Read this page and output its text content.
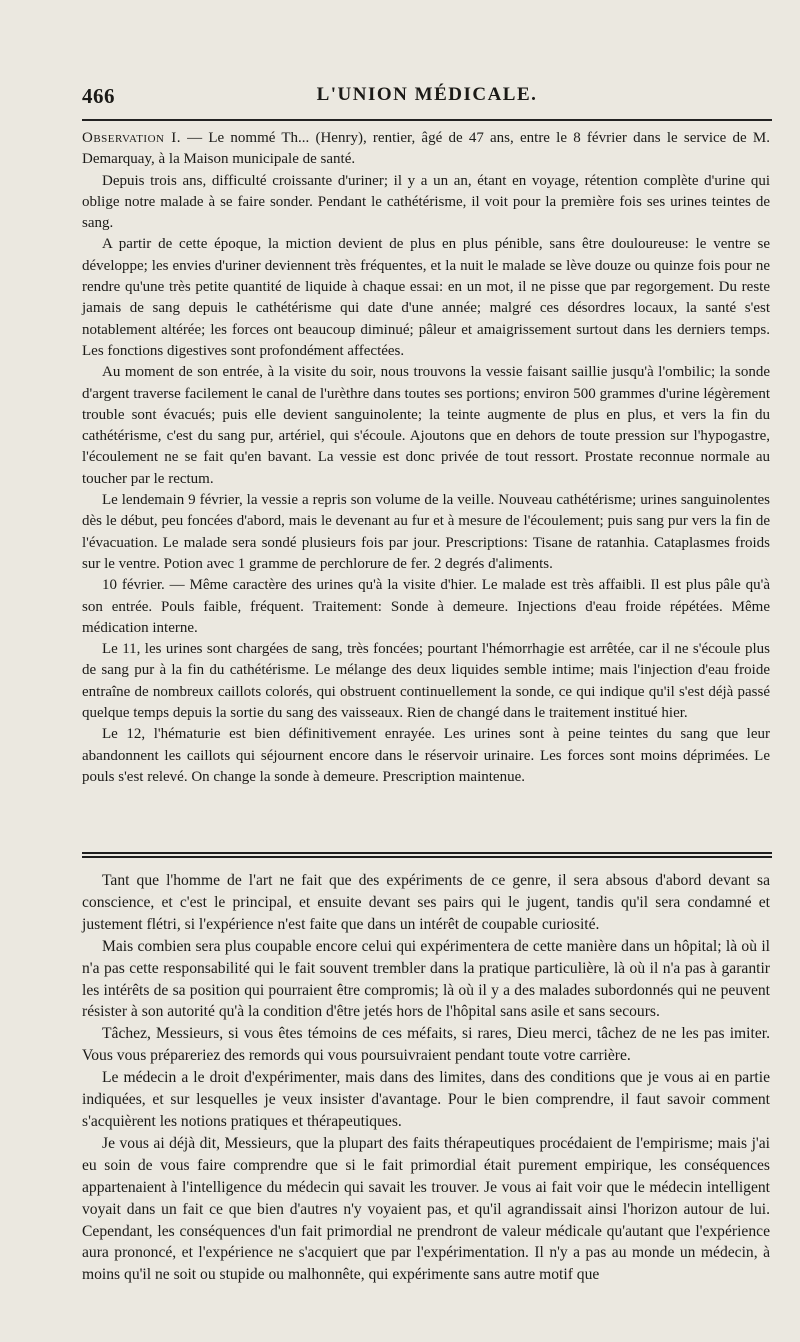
466	L'UNION MÉDICALE.

Observation I. — Le nommé Th... (Henry), rentier, âgé de 47 ans, entre le 8 février dans le service de M. Demarquay, à la Maison municipale de santé.

Depuis trois ans, difficulté croissante d'uriner; il y a un an, étant en voyage, rétention complète d'urine qui oblige notre malade à se faire sonder. Pendant le cathétérisme, il voit pour la première fois ses urines teintes de sang.

A partir de cette époque, la miction devient de plus en plus pénible, sans être douloureuse: le ventre se développe; les envies d'uriner deviennent très fréquentes, et la nuit le malade se lève douze ou quinze fois pour ne rendre qu'une très petite quantité de liquide à chaque essai: en un mot, il ne pisse que par regorgement. Du reste jamais de sang depuis le cathétérisme qui date d'une année; malgré ces désordres locaux, la santé s'est notablement altérée; les forces ont beaucoup diminué; pâleur et amaigrissement surtout dans les derniers temps. Les fonctions digestives sont profondément affectées.

Au moment de son entrée, à la visite du soir, nous trouvons la vessie faisant saillie jusqu'à l'ombilic; la sonde d'argent traverse facilement le canal de l'urèthre dans toutes ses portions; environ 500 grammes d'urine légèrement trouble sont évacués; puis elle devient sanguinolente; la teinte augmente de plus en plus, et vers la fin du cathétérisme, c'est du sang pur, artériel, qui s'écoule. Ajoutons que en dehors de toute pression sur l'hypogastre, l'écoulement ne se fait qu'en bavant. La vessie est donc privée de tout ressort. Prostate reconnue normale au toucher par le rectum.

Le lendemain 9 février, la vessie a repris son volume de la veille. Nouveau cathétérisme; urines sanguinolentes dès le début, peu foncées d'abord, mais le devenant au fur et à mesure de l'écoulement; puis sang pur vers la fin de l'évacuation. Le malade sera sondé plusieurs fois par jour. Prescriptions: Tisane de ratanhia. Cataplasmes froids sur le ventre. Potion avec 1 gramme de perchlorure de fer. 2 degrés d'aliments.

10 février. — Même caractère des urines qu'à la visite d'hier. Le malade est très affaibli. Il est plus pâle qu'à son entrée. Pouls faible, fréquent. Traitement: Sonde à demeure. Injections d'eau froide répétées. Même médication interne.

Le 11, les urines sont chargées de sang, très foncées; pourtant l'hémorrhagie est arrêtée, car il ne s'écoule plus de sang pur à la fin du cathétérisme. Le mélange des deux liquides semble intime; mais l'injection d'eau froide entraîne de nombreux caillots colorés, qui obstruent continuellement la sonde, ce qui indique qu'il s'est déjà passé quelque temps depuis la sortie du sang des vaisseaux. Rien de changé dans le traitement institué hier.

Le 12, l'hématurie est bien définitivement enrayée. Les urines sont à peine teintes du sang que leur abandonnent les caillots qui séjournent encore dans le réservoir urinaire. Les forces sont moins déprimées. Le pouls s'est relevé. On change la sonde à demeure. Prescription maintenue.

Tant que l'homme de l'art ne fait que des expériments de ce genre, il sera absous d'abord devant sa conscience, et c'est le principal, et ensuite devant ses pairs qui le jugent, tandis qu'il sera condamné et justement flétri, si l'expérience n'est faite que dans un intérêt de coupable curiosité.

Mais combien sera plus coupable encore celui qui expérimentera de cette manière dans un hôpital; là où il n'a pas cette responsabilité qui le fait souvent trembler dans la pratique particulière, là où il n'a pas à garantir les intérêts de sa position qui pourraient être compromis; là où il y a des malades subordonnés qui ne peuvent résister à son autorité qu'à la condition d'être jetés hors de l'hôpital sans asile et sans secours.

Tâchez, Messieurs, si vous êtes témoins de ces méfaits, si rares, Dieu merci, tâchez de ne les pas imiter. Vous vous prépareriez des remords qui vous poursuivraient pendant toute votre carrière.

Le médecin a le droit d'expérimenter, mais dans des limites, dans des conditions que je vous ai en partie indiquées, et sur lesquelles je veux insister d'avantage. Pour le bien comprendre, il faut savoir comment s'acquièrent les notions pratiques et thérapeutiques.

Je vous ai déjà dit, Messieurs, que la plupart des faits thérapeutiques procédaient de l'empirisme; mais j'ai eu soin de vous faire comprendre que si le fait primordial était purement empirique, les conséquences appartenaient à l'intelligence du médecin qui savait les trouver. Je vous ai fait voir que le médecin intelligent voyait dans un fait ce que bien d'autres n'y voyaient pas, et qu'il agrandissait ainsi l'horizon autour de lui. Cependant, les conséquences d'un fait primordial ne prendront de valeur médicale qu'autant que l'expérience aura prononcé, et l'expérience ne s'acquiert que par l'expérimentation. Il n'y a pas au monde un médecin, à moins qu'il ne soit ou stupide ou malhonnête, qui expérimente sans autre motif que
